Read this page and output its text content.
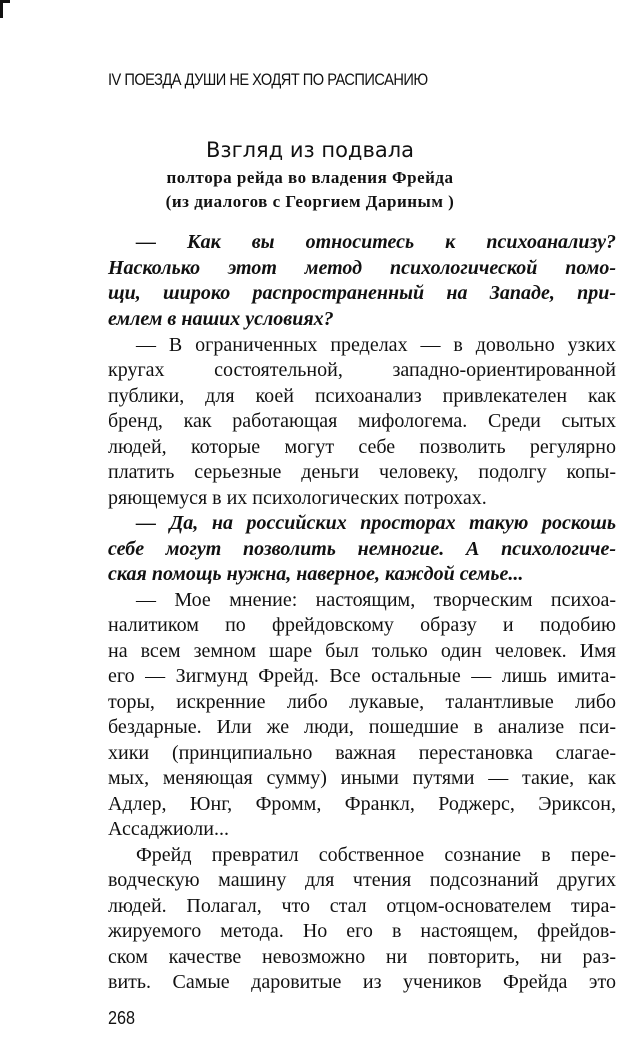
IV ПОЕЗДА ДУШИ НЕ ХОДЯТ ПО РАСПИСАНИЮ
Взгляд из подвала
полтора рейда во владения Фрейда
(из диалогов с Георгием Дариным )
— Как вы относитесь к психоанализу?
Насколько этот метод психологической помо-
щи, широко распространенный на Западе, при-
емлем в наших условиях?
— В ограниченных пределах — в довольно узких
кругах состоятельной, западно-ориентированной
публики, для коей психоанализ привлекателен как
бренд, как работающая мифологема. Среди сытых
людей, которые могут себе позволить регулярно
платить серьезные деньги человеку, подолгу копы-
ряющемуся в их психологических потрохах.
— Да, на российских просторах такую роскошь
себе могут позволить немногие. А психологиче-
ская помощь нужна, наверное, каждой семье...
— Мое мнение: настоящим, творческим психоа-
налитиком по фрейдовскому образу и подобию
на всем земном шаре был только один человек. Имя
его — Зигмунд Фрейд. Все остальные — лишь имита-
торы, искренние либо лукавые, талантливые либо
бездарные. Или же люди, пошедшие в анализе пси-
хики (принципиально важная перестановка слагае-
мых, меняющая сумму) иными путями — такие, как
Адлер, Юнг, Фромм, Франкл, Роджерс, Эриксон,
Ассаджиоли...
Фрейд превратил собственное сознание в пере-
водческую машину для чтения подсознаний других
людей. Полагал, что стал отцом-основателем тира-
жируемого метода. Но его в настоящем, фрейдов-
ском качестве невозможно ни повторить, ни раз-
вить. Самые даровитые из учеников Фрейда это
268
